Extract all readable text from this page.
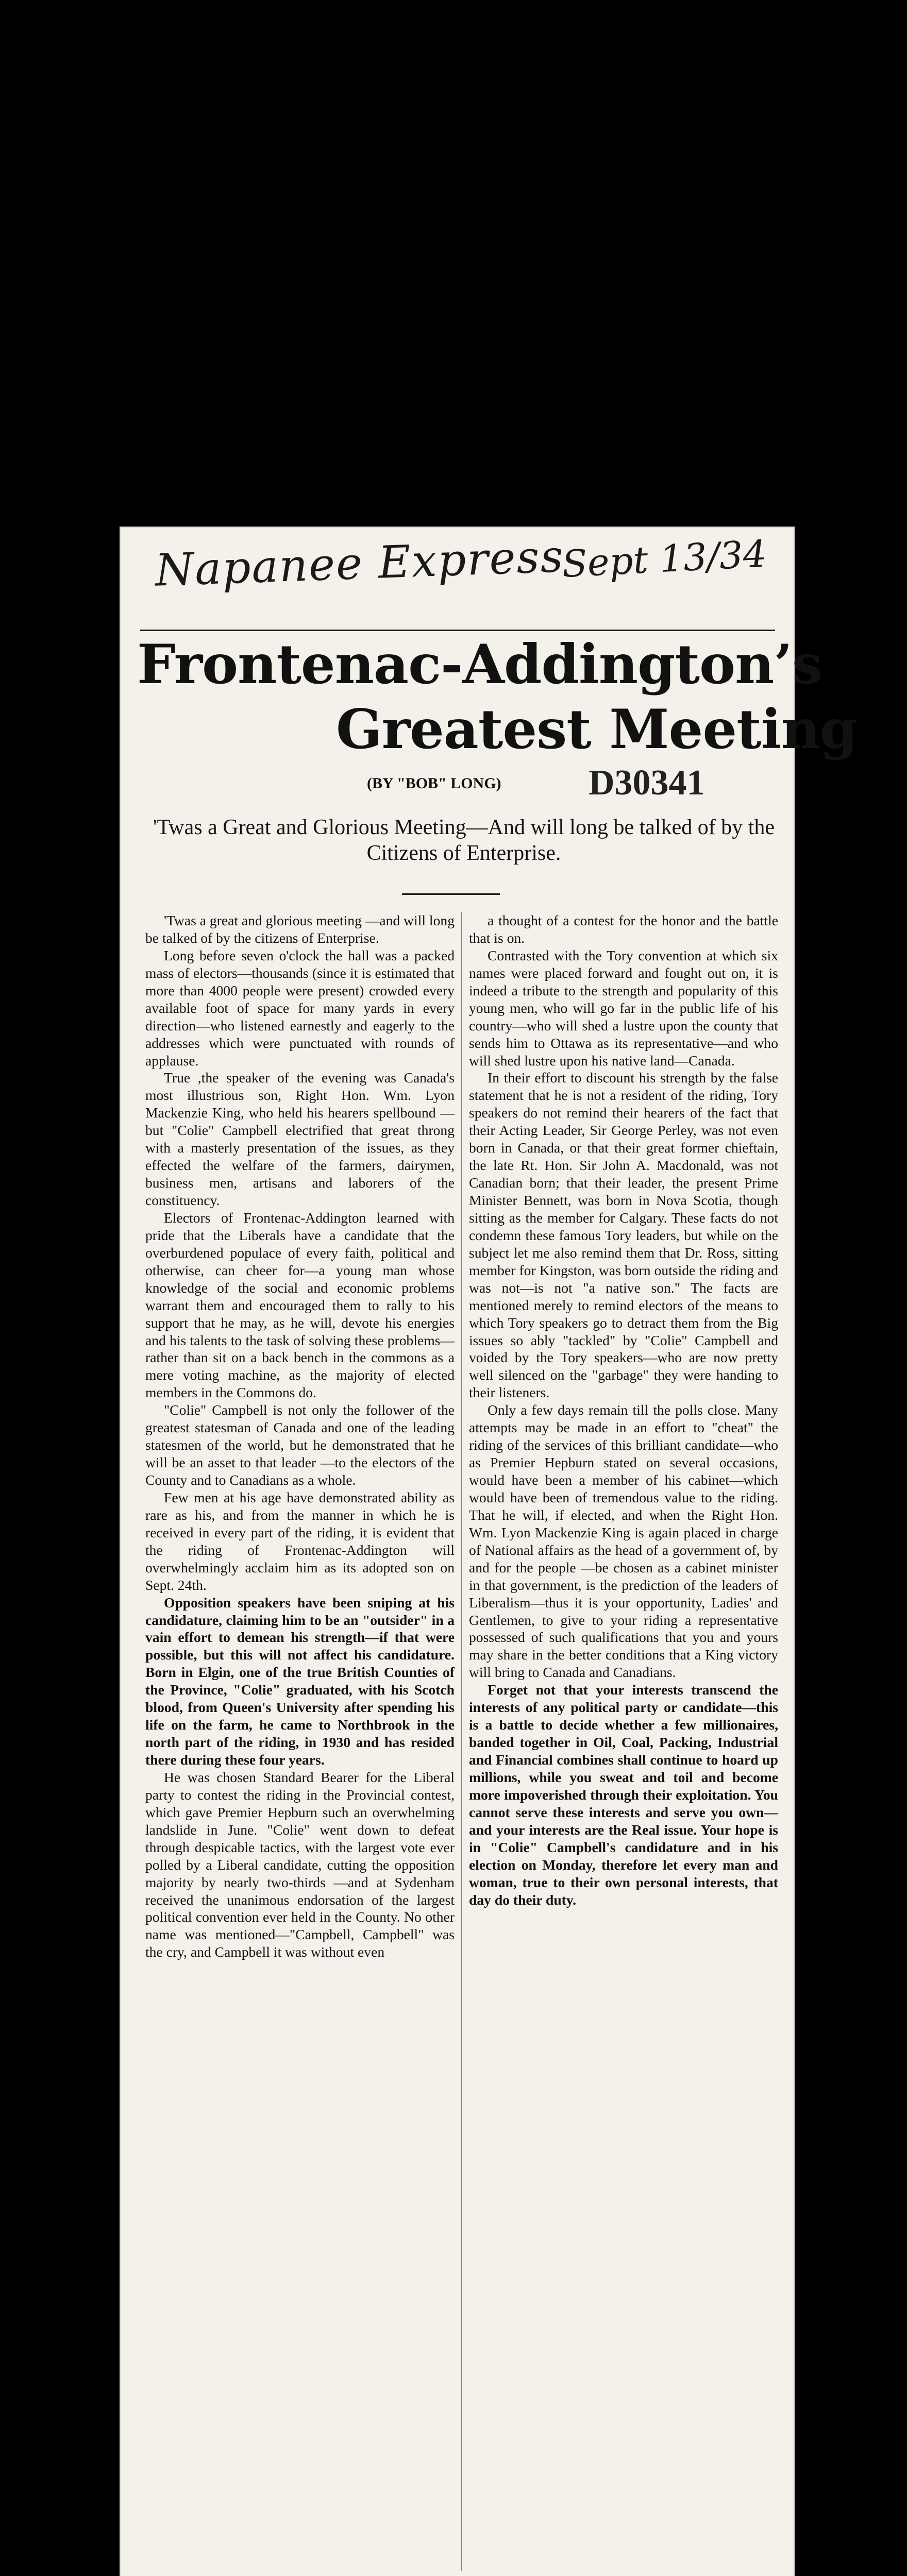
Napanee Express
Sept 13/34
Frontenac-Addington’s
Greatest Meeting
(BY "BOB" LONG) D30341
'Twas a Great and Glorious Meeting—And will long be talked of by the Citizens of Enterprise.

'Twas a great and glorious meeting —and will long be talked of by the citizens of Enterprise.

Long before seven o'clock the hall was a packed mass of electors—thousands (since it is estimated that more than 4000 people were present) crowded every available foot of space for many yards in every direction—who listened earnestly and eagerly to the addresses which were punctuated with rounds of applause.

True ,the speaker of the evening was Canada's most illustrious son, Right Hon. Wm. Lyon Mackenzie King, who held his hearers spellbound — but "Colie" Campbell electrified that great throng with a masterly presentation of the issues, as they effected the welfare of the farmers, dairymen, business men, artisans and laborers of the constituency.

Electors of Frontenac-Addington learned with pride that the Liberals have a candidate that the overburdened populace of every faith, political and otherwise, can cheer for—a young man whose knowledge of the social and economic problems warrant them and encouraged them to rally to his support that he may, as he will, devote his energies and his talents to the task of solving these problems—rather than sit on a back bench in the commons as a mere voting machine, as the majority of elected members in the Commons do.

"Colie" Campbell is not only the follower of the greatest statesman of Canada and one of the leading statesmen of the world, but he demonstrated that he will be an asset to that leader —to the electors of the County and to Canadians as a whole.

Few men at his age have demonstrated ability as rare as his, and from the manner in which he is received in every part of the riding, it is evident that the riding of Frontenac-Addington will overwhelmingly acclaim him as its adopted son on Sept. 24th.

Opposition speakers have been sniping at his candidature, claiming him to be an "outsider" in a vain effort to demean his strength—if that were possible, but this will not affect his candidature. Born in Elgin, one of the true British Counties of the Province, "Colie" graduated, with his Scotch blood, from Queen's University after spending his life on the farm, he came to Northbrook in the north part of the riding, in 1930 and has resided there during these four years.

He was chosen Standard Bearer for the Liberal party to contest the riding in the Provincial contest, which gave Premier Hepburn such an overwhelming landslide in June. "Colie" went down to defeat through despicable tactics, with the largest vote ever polled by a Liberal candidate, cutting the opposition majority by nearly two-thirds —and at Sydenham received the unanimous endorsation of the largest political convention ever held in the County. No other name was mentioned—"Campbell, Campbell" was the cry, and Campbell it was without even

a thought of a contest for the honor and the battle that is on.

Contrasted with the Tory convention at which six names were placed forward and fought out on, it is indeed a tribute to the strength and popularity of this young men, who will go far in the public life of his country—who will shed a lustre upon the county that sends him to Ottawa as its representative—and who will shed lustre upon his native land—Canada.

In their effort to discount his strength by the false statement that he is not a resident of the riding, Tory speakers do not remind their hearers of the fact that their Acting Leader, Sir George Perley, was not even born in Canada, or that their great former chieftain, the late Rt. Hon. Sir John A. Macdonald, was not Canadian born; that their leader, the present Prime Minister Bennett, was born in Nova Scotia, though sitting as the member for Calgary. These facts do not condemn these famous Tory leaders, but while on the subject let me also remind them that Dr. Ross, sitting member for Kingston, was born outside the riding and was not—is not "a native son." The facts are mentioned merely to remind electors of the means to which Tory speakers go to detract them from the Big issues so ably "tackled" by "Colie" Campbell and voided by the Tory speakers—who are now pretty well silenced on the "garbage" they were handing to their listeners.

Only a few days remain till the polls close. Many attempts may be made in an effort to "cheat" the riding of the services of this brilliant candidate—who as Premier Hepburn stated on several occasions, would have been a member of his cabinet—which would have been of tremendous value to the riding. That he will, if elected, and when the Right Hon. Wm. Lyon Mackenzie King is again placed in charge of National affairs as the head of a government of, by and for the people —be chosen as a cabinet minister in that government, is the prediction of the leaders of Liberalism—thus it is your opportunity, Ladies' and Gentlemen, to give to your riding a representative possessed of such qualifications that you and yours may share in the better conditions that a King victory will bring to Canada and Canadians.

Forget not that your interests transcend the interests of any political party or candidate—this is a battle to decide whether a few millionaires, banded together in Oil, Coal, Packing, Industrial and Financial combines shall continue to hoard up millions, while you sweat and toil and become more impoverished through their exploitation. You cannot serve these interests and serve you own—and your interests are the Real issue. Your hope is in "Colie" Campbell's candidature and in his election on Monday, therefore let every man and woman, true to their own personal interests, that day do their duty.
